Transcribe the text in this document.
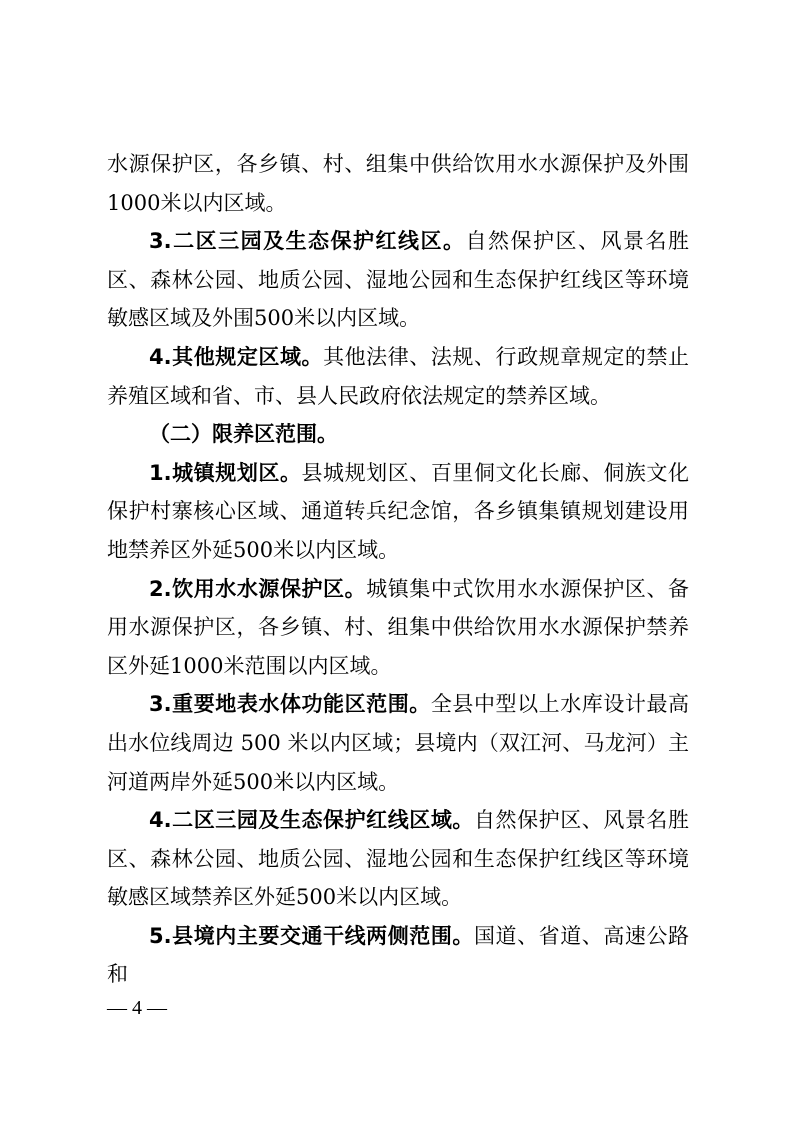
水源保护区，各乡镇、村、组集中供给饮用水水源保护及外围1000米以内区域。

3.二区三园及生态保护红线区。自然保护区、风景名胜区、森林公园、地质公园、湿地公园和生态保护红线区等环境敏感区域及外围500米以内区域。

4.其他规定区域。其他法律、法规、行政规章规定的禁止养殖区域和省、市、县人民政府依法规定的禁养区域。

（二）限养区范围。

1.城镇规划区。县城规划区、百里侗文化长廊、侗族文化保护村寨核心区域、通道转兵纪念馆，各乡镇集镇规划建设用地禁养区外延500米以内区域。

2.饮用水水源保护区。城镇集中式饮用水水源保护区、备用水源保护区，各乡镇、村、组集中供给饮用水水源保护禁养区外延1000米范围以内区域。

3.重要地表水体功能区范围。全县中型以上水库设计最高出水位线周边 500 米以内区域；县境内（双江河、马龙河）主河道两岸外延500米以内区域。

4.二区三园及生态保护红线区域。自然保护区、风景名胜区、森林公园、地质公园、湿地公园和生态保护红线区等环境敏感区域禁养区外延500米以内区域。

5.县境内主要交通干线两侧范围。国道、省道、高速公路和

— 4 —
